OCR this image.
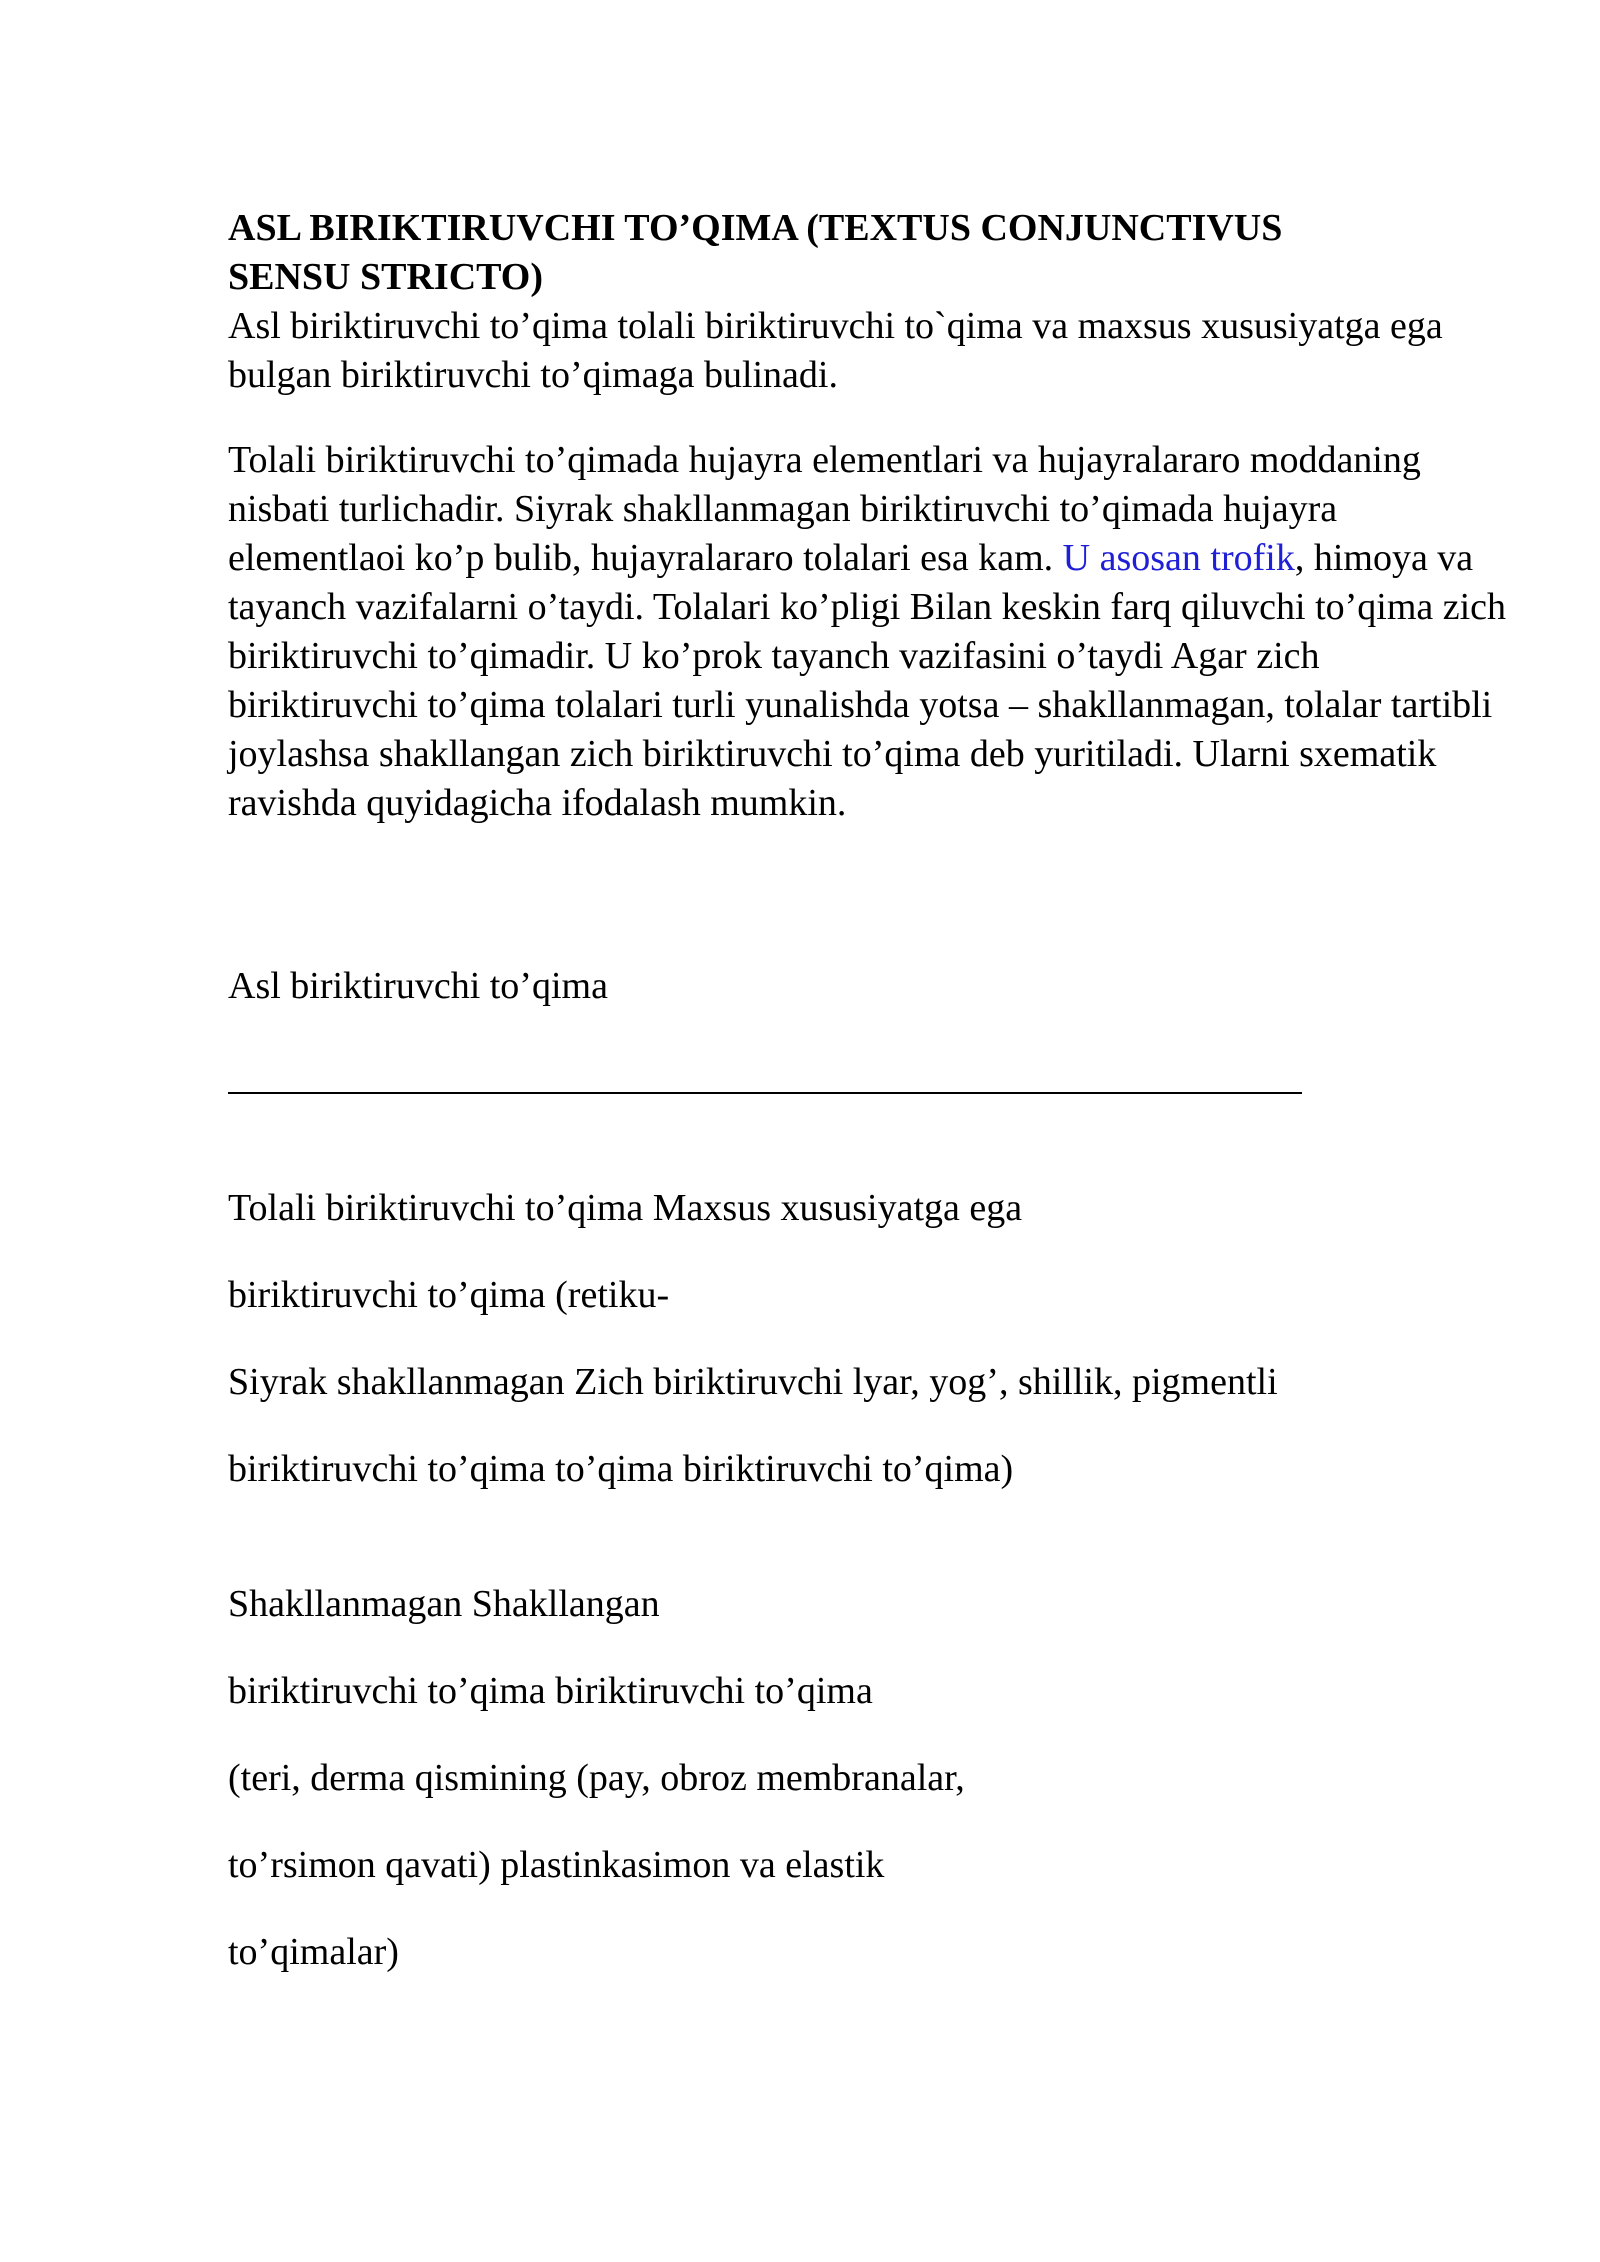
ASL BIRIKTIRUVCHI TO’QIMA (TEXTUS CONJUNCTIVUS
SENSU STRICTO)

Asl biriktiruvchi to’qima tolali biriktiruvchi to`qima va maxsus xususiyatga ega bulgan biriktiruvchi to’qimaga bulinadi.

Tolali biriktiruvchi to’qimada hujayra elementlari va hujayralararo moddaning nisbati turlichadir. Siyrak shakllanmagan biriktiruvchi to’qimada hujayra elementlaoi ko’p bulib, hujayralararo tolalari esa kam. U asosan trofik, himoya va tayanch vazifalarni o’taydi. Tolalari ko’pligi Bilan keskin farq qiluvchi to’qima zich biriktiruvchi to’qimadir. U ko’prok tayanch vazifasini o’taydi Agar zich biriktiruvchi to’qima tolalari turli yunalishda yotsa – shakllanmagan, tolalar tartibli joylashsa shakllangan zich biriktiruvchi to’qima deb yuritiladi. Ularni sxematik ravishda quyidagicha ifodalash mumkin.

Asl biriktiruvchi to’qima

Tolali biriktiruvchi to’qima Maxsus xususiyatga ega

biriktiruvchi to’qima (retiku-

Siyrak shakllanmagan Zich biriktiruvchi lyar, yog’, shillik, pigmentli

biriktiruvchi to’qima to’qima biriktiruvchi to’qima)

Shakllanmagan Shakllangan

biriktiruvchi to’qima biriktiruvchi to’qima

(teri, derma qismining (pay, obroz membranalar,

to’rsimon qavati) plastinkasimon va elastik

to’qimalar)
